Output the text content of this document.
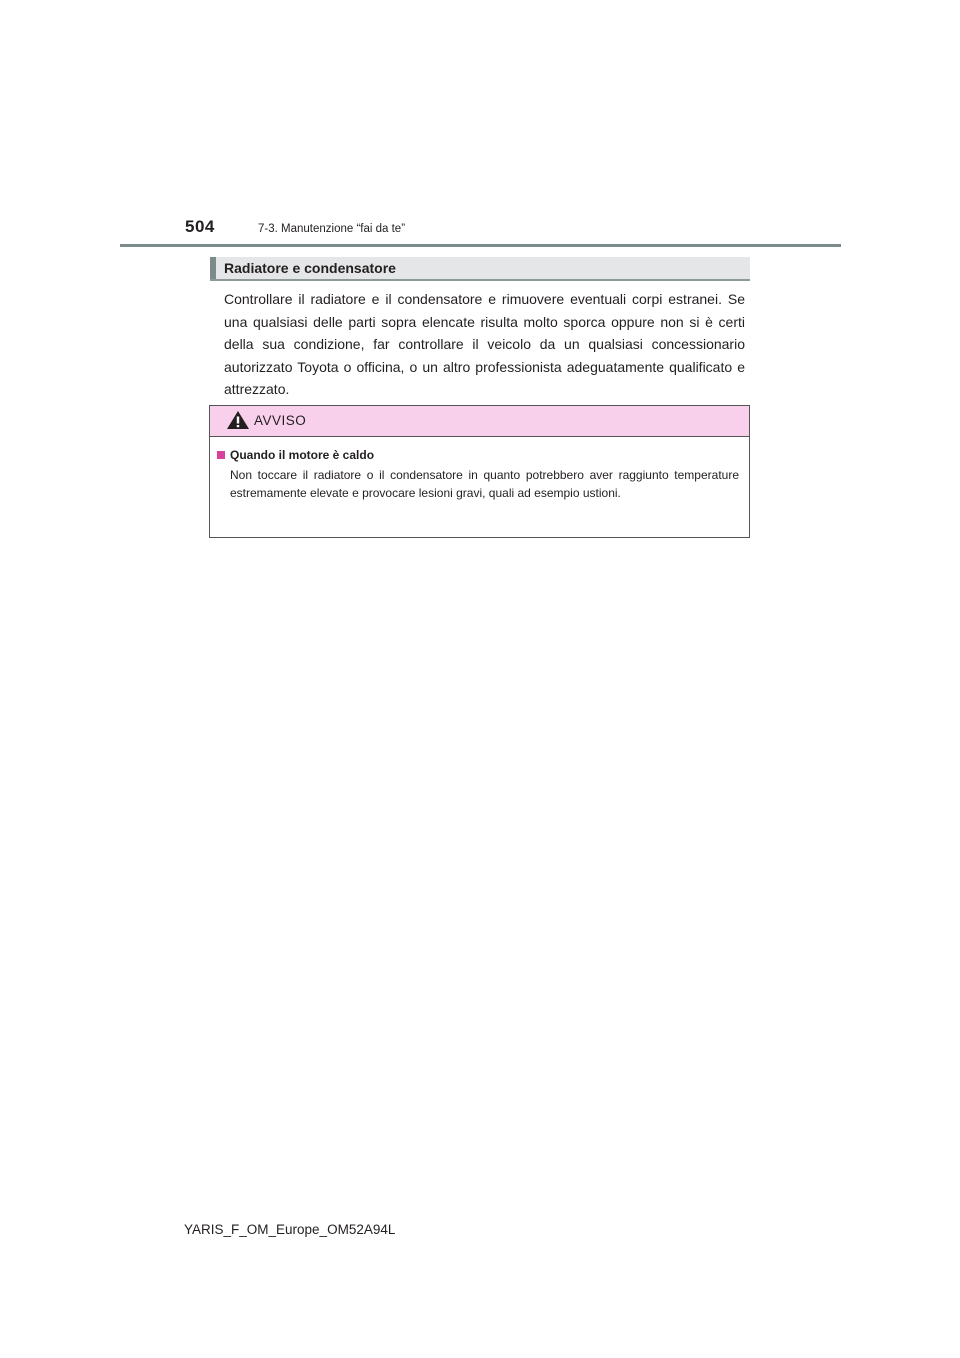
504	7-3. Manutenzione “fai da te”
Radiatore e condensatore

Controllare il radiatore e il condensatore e rimuovere eventuali corpi estranei. Se una qualsiasi delle parti sopra elencate risulta molto sporca oppure non si è certi della sua condizione, far controllare il veicolo da un qualsiasi concessionario autorizzato Toyota o officina, o un altro professionista adeguatamente qualificato e attrezzato.

AVVISO
Quando il motore è caldo

Non toccare il radiatore o il condensatore in quanto potrebbero aver raggiunto temperature estremamente elevate e provocare lesioni gravi, quali ad esempio ustioni.

YARIS_F_OM_Europe_OM52A94L
